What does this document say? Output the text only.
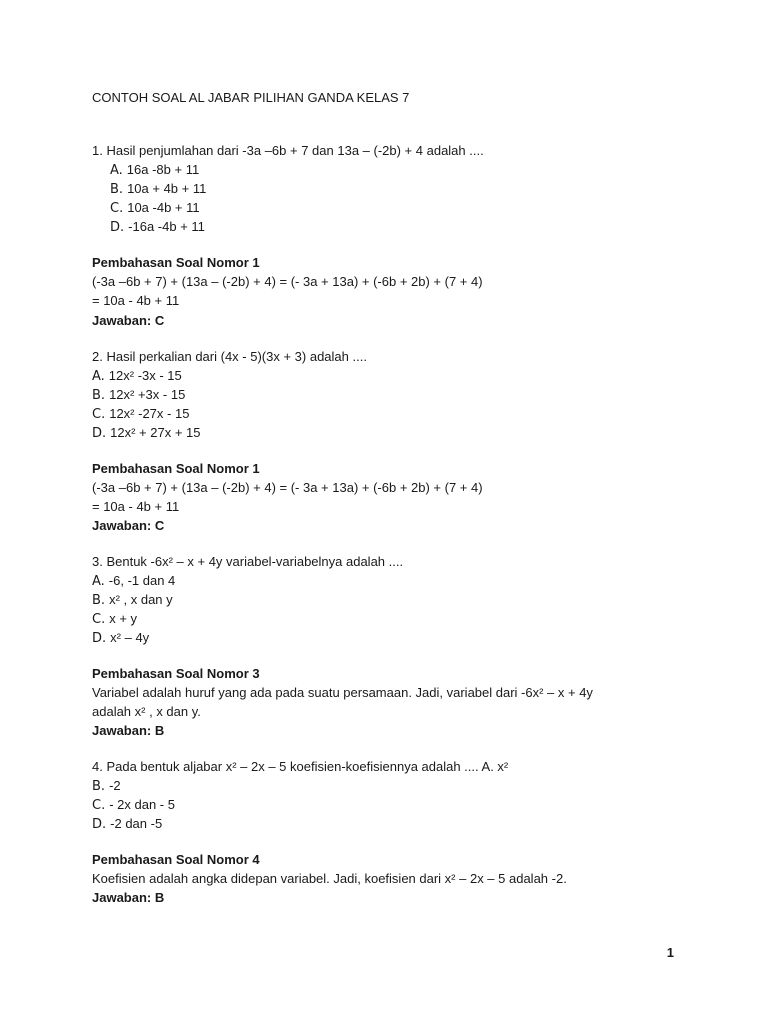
CONTOH SOAL AL JABAR PILIHAN GANDA KELAS 7
1. Hasil penjumlahan dari -3a –6b + 7 dan 13a – (-2b) + 4 adalah ....
A. 16a -8b + 11
B. 10a + 4b + 11
C. 10a -4b + 11
D. -16a -4b + 11
Pembahasan Soal Nomor 1
(-3a –6b + 7) + (13a – (-2b) + 4) = (- 3a + 13a) + (-6b + 2b) + (7 + 4)
= 10a - 4b + 11
Jawaban: C
2. Hasil perkalian dari (4x - 5)(3x + 3) adalah ....
A. 12x² -3x - 15
B. 12x² +3x - 15
C. 12x² -27x - 15
D. 12x² + 27x + 15
Pembahasan Soal Nomor 1
(-3a –6b + 7) + (13a – (-2b) + 4) = (- 3a + 13a) + (-6b + 2b) + (7 + 4)
= 10a - 4b + 11
Jawaban: C
3. Bentuk -6x² – x + 4y variabel-variabelnya adalah ....
A. -6, -1 dan 4
B. x² , x dan y
C. x + y
D. x² – 4y
Pembahasan Soal Nomor 3
Variabel adalah huruf yang ada pada suatu persamaan. Jadi, variabel dari -6x² – x + 4y
adalah x² , x dan y.
Jawaban: B
4. Pada bentuk aljabar x² – 2x – 5 koefisien-koefisiennya adalah .... A. x²
B. -2
C. - 2x dan - 5
D. -2 dan -5
Pembahasan Soal Nomor 4
Koefisien adalah angka didepan variabel. Jadi, koefisien dari x² – 2x – 5 adalah -2.
Jawaban: B
1
